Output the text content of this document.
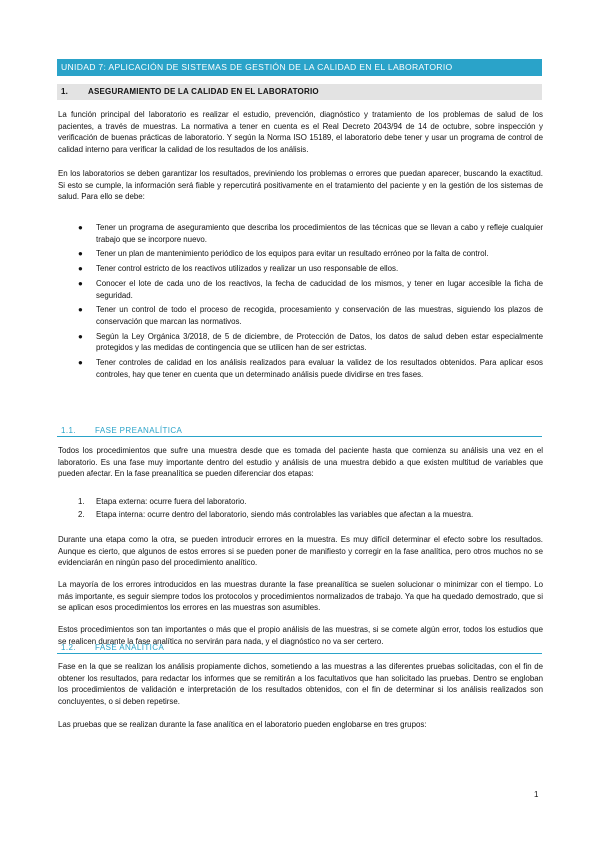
UNIDAD 7: APLICACIÓN DE SISTEMAS DE GESTIÓN DE LA CALIDAD EN EL LABORATORIO
1. ASEGURAMIENTO DE LA CALIDAD EN EL LABORATORIO

La función principal del laboratorio es realizar el estudio, prevención, diagnóstico y tratamiento de los problemas de salud de los pacientes, a través de muestras. La normativa a tener en cuenta es el Real Decreto 2043/94 de 14 de octubre, sobre inspección y verificación de buenas prácticas de laboratorio. Y según la Norma ISO 15189, el laboratorio debe tener y usar un programa de control de calidad interno para verificar la calidad de los resultados de los análisis.

En los laboratorios se deben garantizar los resultados, previniendo los problemas o errores que puedan aparecer, buscando la exactitud. Si esto se cumple, la información será fiable y repercutirá positivamente en el tratamiento del paciente y en la gestión de los sistemas de salud. Para ello se debe:

● Tener un programa de aseguramiento que describa los procedimientos de las técnicas que se llevan a cabo y refleje cualquier trabajo que se incorpore nuevo.
● Tener un plan de mantenimiento periódico de los equipos para evitar un resultado erróneo por la falta de control.
● Tener control estricto de los reactivos utilizados y realizar un uso responsable de ellos.
● Conocer el lote de cada uno de los reactivos, la fecha de caducidad de los mismos, y tener en lugar accesible la ficha de seguridad.
● Tener un control de todo el proceso de recogida, procesamiento y conservación de las muestras, siguiendo los plazos de conservación que marcan las normativos.
● Según la Ley Orgánica 3/2018, de 5 de diciembre, de Protección de Datos, los datos de salud deben estar especialmente protegidos y las medidas de contingencia que se utilicen han de ser estrictas.
● Tener controles de calidad en los análisis realizados para evaluar la validez de los resultados obtenidos. Para aplicar esos controles, hay que tener en cuenta que un determinado análisis puede dividirse en tres fases.
1.1. FASE PREANALÍTICA

Todos los procedimientos que sufre una muestra desde que es tomada del paciente hasta que comienza su análisis una vez en el laboratorio. Es una fase muy importante dentro del estudio y análisis de una muestra debido a que existen multitud de variables que pueden afectar. En la fase preanalítica se pueden diferenciar dos etapas:

1. Etapa externa: ocurre fuera del laboratorio.
2. Etapa interna: ocurre dentro del laboratorio, siendo más controlables las variables que afectan a la muestra.

Durante una etapa como la otra, se pueden introducir errores en la muestra. Es muy difícil determinar el efecto sobre los resultados. Aunque es cierto, que algunos de estos errores si se pueden poner de manifiesto y corregir en la fase analítica, pero otros muchos no se evidenciarán en ningún paso del procedimiento analítico.

La mayoría de los errores introducidos en las muestras durante la fase preanalítica se suelen solucionar o minimizar con el tiempo. Lo más importante, es seguir siempre todos los protocolos y procedimientos normalizados de trabajo. Ya que ha quedado demostrado, que si se aplican esos procedimientos los errores en las muestras son asumibles.

Estos procedimientos son tan importantes o más que el propio análisis de las muestras, si se comete algún error, todos los estudios que se realicen durante la fase analítica no servirán para nada, y el diagnóstico no va ser certero.

1.2. FASE ANALÍTICA

Fase en la que se realizan los análisis propiamente dichos, sometiendo a las muestras a las diferentes pruebas solicitadas, con el fin de obtener los resultados, para redactar los informes que se remitirán a los facultativos que han solicitado las pruebas. Dentro se engloban los procedimientos de validación e interpretación de los resultados obtenidos, con el fin de determinar si los análisis realizados son concluyentes, o si deben repetirse.

Las pruebas que se realizan durante la fase analítica en el laboratorio pueden englobarse en tres grupos:

1
